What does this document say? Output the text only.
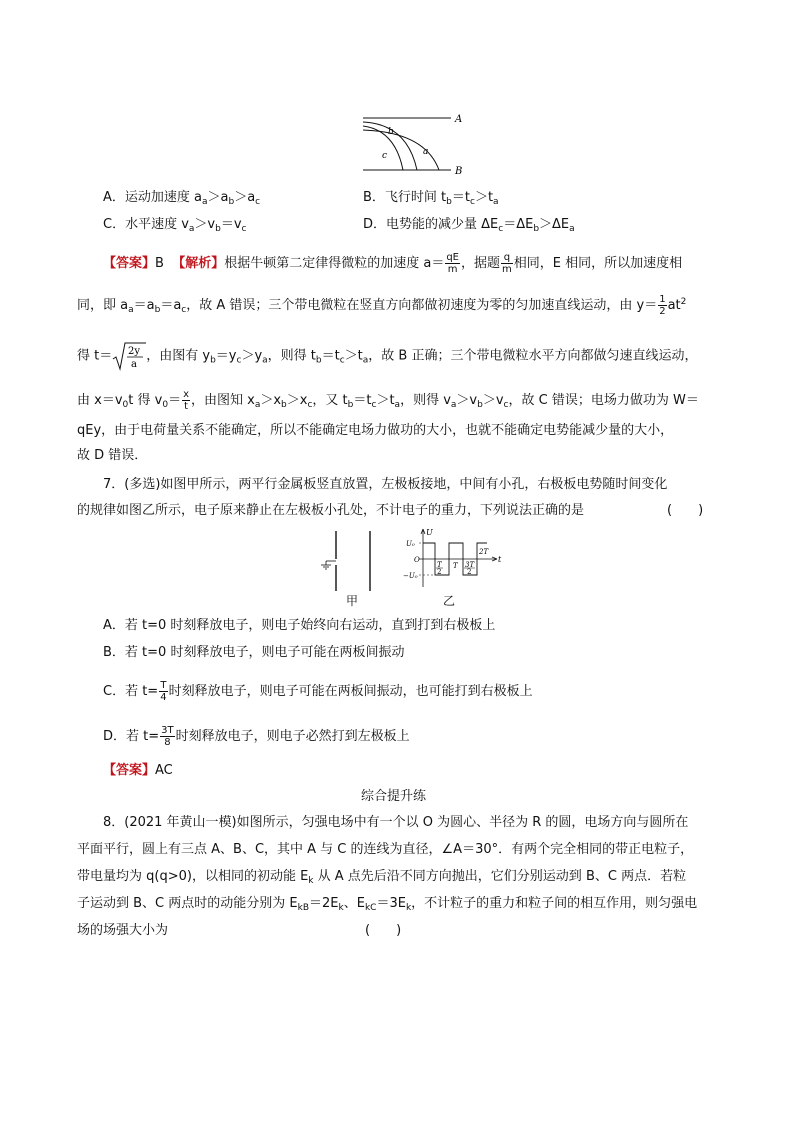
A
B
b
c	a
A．运动加速度 $a_a>a_b>a_c$	B．飞行时间 $t_b=t_c>t_a$
C．水平速度 $v_a>v_b=v_c$	D．电势能的减少量 $\Delta E_c=\Delta E_b>\Delta E_a$
【答案】B 【解析】根据牛顿第二定律得微粒的加速度 $a= \frac{qE}{m}$ ，据题 $\frac{q}{m}$ 相同，E 相同，所以加速度相
同，即 $a_a=a_b=a_c$，故 A 错误；三个带电微粒在竖直方向都做初速度为零的匀加速直线运动，由 $y= \frac{1}{2} at^2$
得 t＝ 2y
a
，由图有 $y_b=y_c>y_a$，则得 $t_b=t_c>t_a$，故 B 正确；三个带电微粒水平方向都做匀速直线运动，
由 $x=v_0t$ 得 $v_0= \frac{x}{t}$ ，由图知 $x_a>x_b>x_c$，又 $t_b=t_c>t_a$，则得 $v_a>v_b>v_c$，故 C 错误；电场力做功为 W＝
qEy，由于电荷量关系不能确定，所以不能确定电场力做功的大小，也就不能确定电势能减少量的大小，
故 D 错误．
7．(多选)如图甲所示，两平行金属板竖直放置，左极板接地，中间有小孔，右极板电势随时间变化
的规律如图乙所示，电子原来静止在左极板小孔处，不计电子的重力，下列说法正确的是	(　　)
甲
U
U₀
O
−U₀
t
T
2
T 3T
2
2T
乙
A．若 t=0 时刻释放电子，则电子始终向右运动，直到打到右极板上
B．若 t=0 时刻释放电子，则电子可能在两板间振动
C．若 $t= \frac{T}{4}$ 时刻释放电子，则电子可能在两板间振动，也可能打到右极板上
D．若 $t= \frac{3T}{8}$ 时刻释放电子，则电子必然打到左极板上
【答案】AC
综合提升练
8．(2021 年黄山一模)如图所示，匀强电场中有一个以 O 为圆心、半径为 R 的圆，电场方向与圆所在
平面平行，圆上有三点 A、B、C，其中 A 与 C 的连线为直径，∠A＝30°．有两个完全相同的带正电粒子，
带电量均为 q(q>0)，以相同的初动能 $E_k$ 从 A 点先后沿不同方向抛出，它们分别运动到 B、C 两点．若粒
子运动到 B、C 两点时的动能分别为 $E_{kB}=2E_k$、$E_{kC}=3E_k$，不计粒子的重力和粒子间的相互作用，则匀强电
场的场强大小为	(　　)
